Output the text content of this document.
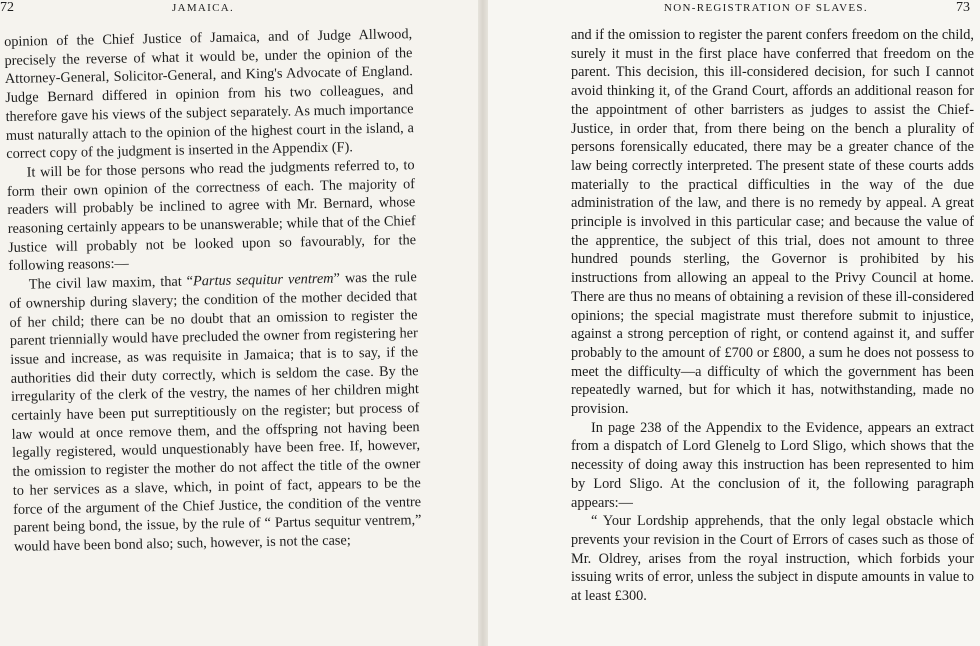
72	JAMAICA.

opinion of the Chief Justice of Jamaica, and of Judge Allwood, precisely the reverse of what it would be, under the opinion of the Attorney-General, Solicitor-General, and King's Advocate of England. Judge Bernard differed in opinion from his two colleagues, and therefore gave his views of the subject separately. As much importance must naturally attach to the opinion of the highest court in the island, a correct copy of the judgment is inserted in the Appendix (F).

It will be for those persons who read the judgments referred to, to form their own opinion of the correctness of each. The majority of readers will probably be inclined to agree with Mr. Bernard, whose reasoning certainly appears to be unanswerable; while that of the Chief Justice will probably not be looked upon so favourably, for the following reasons:—

The civil law maxim, that “Partus sequitur ventrem” was the rule of ownership during slavery; the condition of the mother decided that of her child; there can be no doubt that an omission to register the parent triennially would have precluded the owner from registering her issue and increase, as was requisite in Jamaica; that is to say, if the authorities did their duty correctly, which is seldom the case. By the irregularity of the clerk of the vestry, the names of her children might certainly have been put surreptitiously on the register; but process of law would at once remove them, and the offspring not having been legally registered, would unquestionably have been free. If, however, the omission to register the mother do not affect the title of the owner to her services as a slave, which, in point of fact, appears to be the force of the argument of the Chief Justice, the condition of the ventre parent being bond, the issue, by the rule of “ Partus sequitur ventrem,” would have been bond also; such, however, is not the case;

NON-REGISTRATION OF SLAVES.	73

and if the omission to register the parent confers freedom on the child, surely it must in the first place have conferred that freedom on the parent. This decision, this ill-considered decision, for such I cannot avoid thinking it, of the Grand Court, affords an additional reason for the appointment of other barristers as judges to assist the Chief-Justice, in order that, from there being on the bench a plurality of persons forensically educated, there may be a greater chance of the law being correctly interpreted. The present state of these courts adds materially to the practical difficulties in the way of the due administration of the law, and there is no remedy by appeal. A great principle is involved in this particular case; and because the value of the apprentice, the subject of this trial, does not amount to three hundred pounds sterling, the Governor is prohibited by his instructions from allowing an appeal to the Privy Council at home. There are thus no means of obtaining a revision of these ill-considered opinions; the special magistrate must therefore submit to injustice, against a strong perception of right, or contend against it, and suffer probably to the amount of £700 or £800, a sum he does not possess to meet the difficulty—a difficulty of which the government has been repeatedly warned, but for which it has, notwithstanding, made no provision.

In page 238 of the Appendix to the Evidence, appears an extract from a dispatch of Lord Glenelg to Lord Sligo, which shows that the necessity of doing away this instruction has been represented to him by Lord Sligo. At the conclusion of it, the following paragraph appears:—

“ Your Lordship apprehends, that the only legal obstacle which prevents your revision in the Court of Errors of cases such as those of Mr. Oldrey, arises from the royal instruction, which forbids your issuing writs of error, unless the subject in dispute amounts in value to at least £300.
